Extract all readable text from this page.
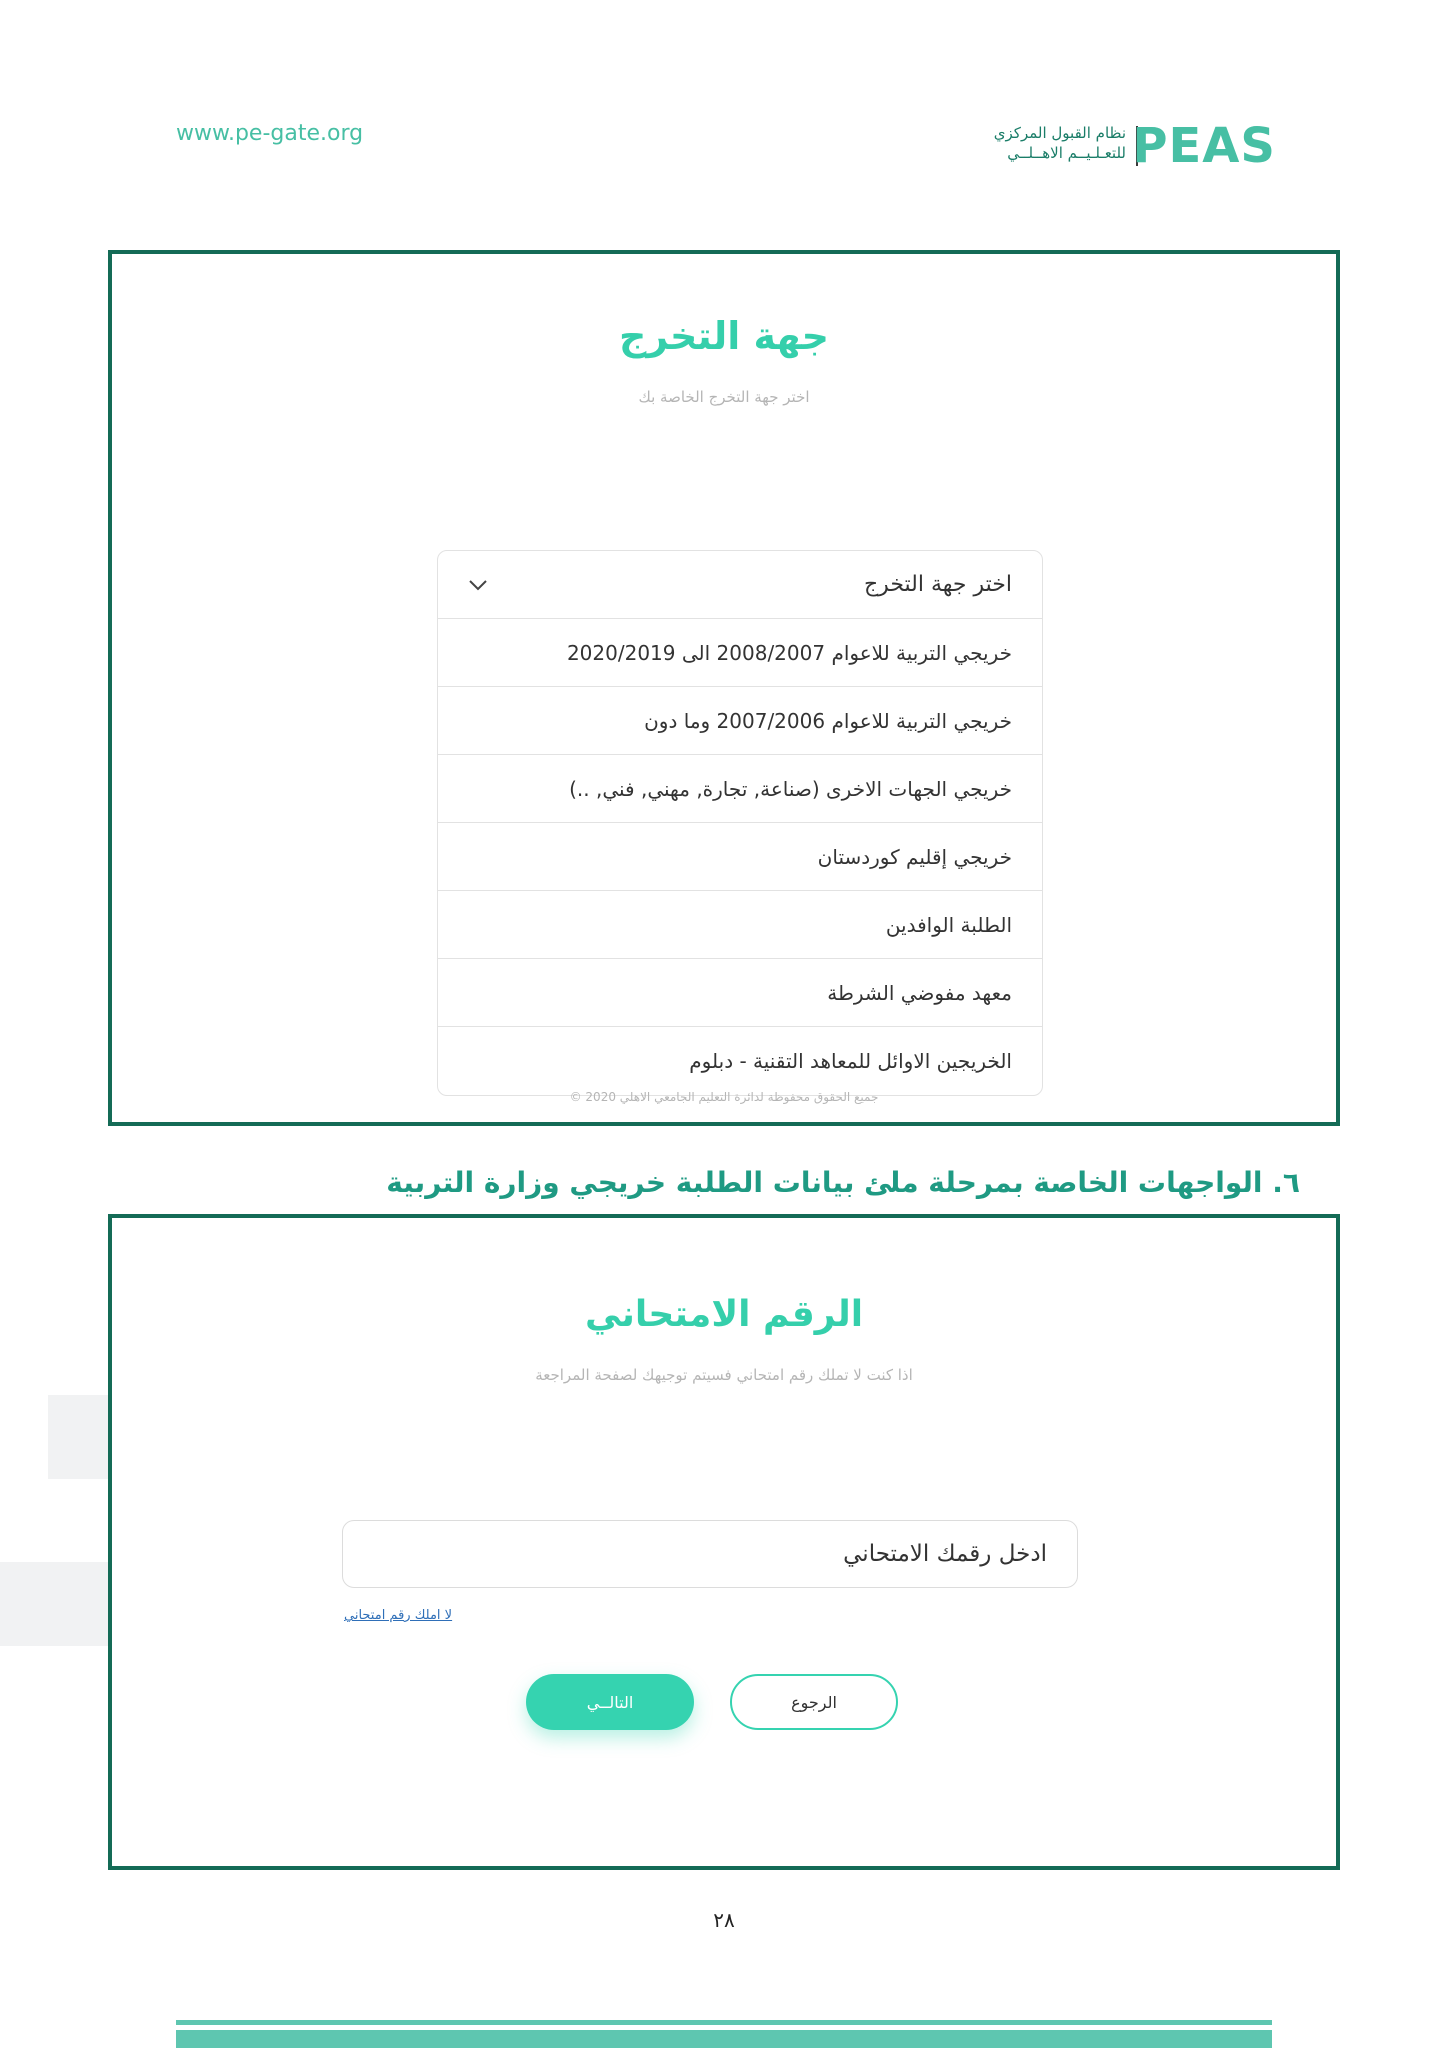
www.pe-gate.org	نظام القبول المركزي
للتعـلـيــم الاهــلــي PEAS
جهة التخرج
اختر جهة التخرج الخاصة بك
اختر جهة التخرج
خريجي التربية للاعوام 2008/2007 الى 2020/2019
خريجي التربية للاعوام 2007/2006 وما دون
خريجي الجهات الاخرى (صناعة, تجارة, مهني, فني, ..)
خريجي إقليم كوردستان
الطلبة الوافدين
معهد مفوضي الشرطة
الخريجين الاوائل للمعاهد التقنية - دبلوم
جميع الحقوق محفوظة لدائرة التعليم الجامعي الاهلي 2020 ©
٦. الواجهات الخاصة بمرحلة ملئ بيانات الطلبة خريجي وزارة التربية
الرقم الامتحاني
اذا كنت لا تملك رقم امتحاني فسيتم توجيهك لصفحة المراجعة
ادخل رقمك الامتحاني
لا املك رقم امتحاني
التالــي	الرجوع
٢٨
